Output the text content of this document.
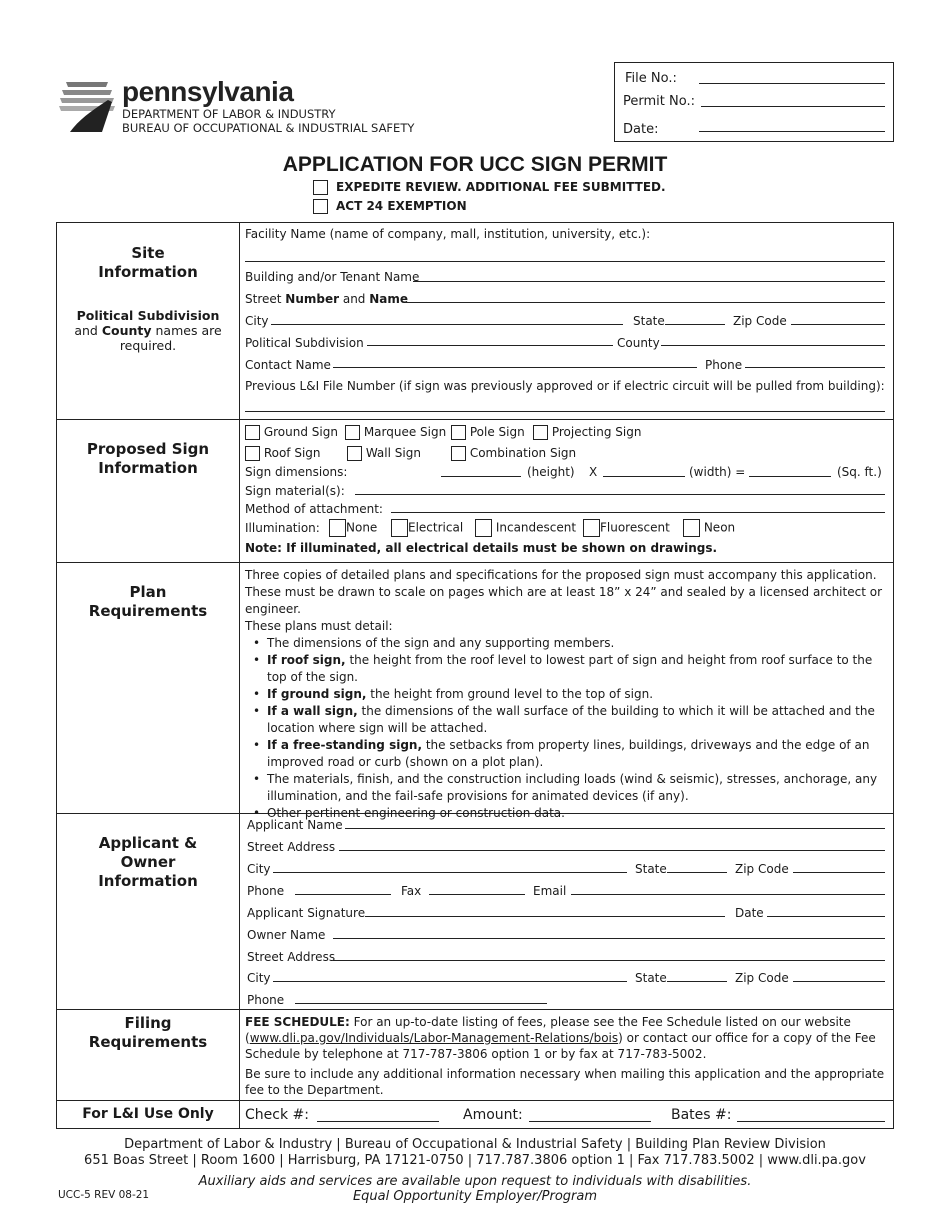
pennsylvania
DEPARTMENT OF LABOR & INDUSTRY
BUREAU OF OCCUPATIONAL & INDUSTRIAL SAFETY
File No.:
Permit No.:
Date:
APPLICATION FOR UCC SIGN PERMIT
EXPEDITE REVIEW. ADDITIONAL FEE SUBMITTED.
ACT 24 EXEMPTION
Site
Information
Political Subdivision
and County names are
required.
Facility Name (name of company, mall, institution, university, etc.):
Building and/or Tenant Name
Street Number and Name
City	State	Zip Code
Political Subdivision	County
Contact Name	Phone
Previous L&I File Number (if sign was previously approved or if electric circuit will be pulled from building):
Proposed Sign
Information
Ground Sign	Marquee Sign	Pole Sign	Projecting Sign
Roof Sign	Wall Sign	Combination Sign
Sign dimensions:	(height) X	(width) =	(Sq. ft.)
Sign material(s):
Method of attachment:
Illumination:	None	Electrical	Incandescent	Fluorescent	Neon
Note: If illuminated, all electrical details must be shown on drawings.
Plan
Requirements
Three copies of detailed plans and specifications for the proposed sign must accompany this application. These must be drawn to scale on pages which are at least 18” x 24” and sealed by a licensed architect or engineer.
These plans must detail:
• The dimensions of the sign and any supporting members.
• If roof sign, the height from the roof level to lowest part of sign and height from roof surface to the top of the sign.
• If ground sign, the height from ground level to the top of sign.
• If a wall sign, the dimensions of the wall surface of the building to which it will be attached and the location where sign will be attached.
• If a free-standing sign, the setbacks from property lines, buildings, driveways and the edge of an improved road or curb (shown on a plot plan).
• The materials, finish, and the construction including loads (wind & seismic), stresses, anchorage, any illumination, and the fail-safe provisions for animated devices (if any).
• Other pertinent engineering or construction data.
Applicant &
Owner
Information
Applicant Name
Street Address
City	State	Zip Code
Phone	Fax	Email
Applicant Signature	Date
Owner Name
Street Address
City	State	Zip Code
Phone
Filing
Requirements
FEE SCHEDULE: For an up-to-date listing of fees, please see the Fee Schedule listed on our website (www.dli.pa.gov/Individuals/Labor-Management-Relations/bois) or contact our office for a copy of the Fee Schedule by telephone at 717-787-3806 option 1 or by fax at 717-783-5002.
Be sure to include any additional information necessary when mailing this application and the appropriate fee to the Department.
For L&I Use Only	Check #:	Amount:	Bates #:
Department of Labor & Industry | Bureau of Occupational & Industrial Safety | Building Plan Review Division
651 Boas Street | Room 1600 | Harrisburg, PA 17121-0750 | 717.787.3806 option 1 | Fax 717.783.5002 | www.dli.pa.gov
Auxiliary aids and services are available upon request to individuals with disabilities.
Equal Opportunity Employer/Program
UCC-5 REV 08-21
